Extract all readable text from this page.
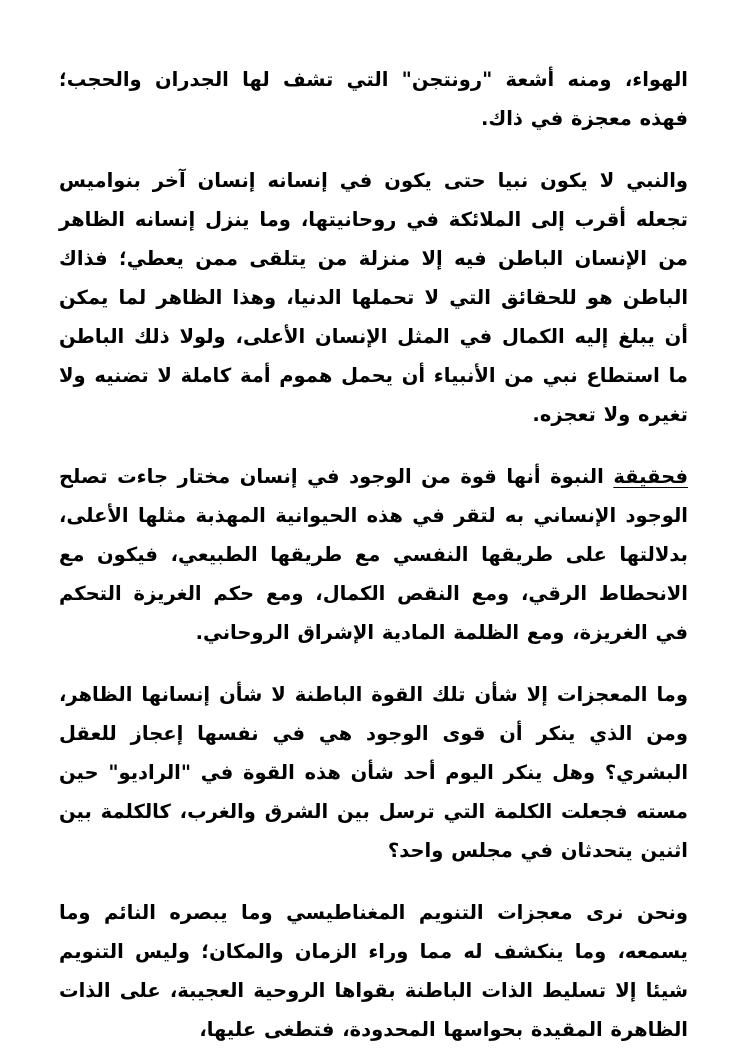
الهواء، ومنه أشعة "رونتجن" التي تشف لها الجدران والحجب؛ فهذه معجزة في ذاك.

والنبي لا يكون نبيا حتى يكون في إنسانه إنسان آخر بنواميس تجعله أقرب إلى الملائكة في روحانيتها، وما ينزل إنسانه الظاهر من الإنسان الباطن فيه إلا منزلة من يتلقى ممن يعطي؛ فذاك الباطن هو للحقائق التي لا تحملها الدنيا، وهذا الظاهر لما يمكن أن يبلغ إليه الكمال في المثل الإنسان الأعلى، ولولا ذلك الباطن ما استطاع نبي من الأنبياء أن يحمل هموم أمة كاملة لا تضنيه ولا تغيره ولا تعجزه.

فحقيقة النبوة أنها قوة من الوجود في إنسان مختار جاءت تصلح الوجود الإنساني به لتقر في هذه الحيوانية المهذبة مثلها الأعلى، بدلالتها على طريقها النفسي مع طريقها الطبيعي، فيكون مع الانحطاط الرقي، ومع النقص الكمال، ومع حكم الغريزة التحكم في الغريزة، ومع الظلمة المادية الإشراق الروحاني.

وما المعجزات إلا شأن تلك القوة الباطنة لا شأن إنسانها الظاهر، ومن الذي ينكر أن قوى الوجود هي في نفسها إعجاز للعقل البشري؟ وهل ينكر اليوم أحد شأن هذه القوة في "الراديو" حين مسته فجعلت الكلمة التي ترسل بين الشرق والغرب، كالكلمة بين اثنين يتحدثان في مجلس واحد؟

ونحن نرى معجزات التنويم المغناطيسي وما يبصره النائم وما يسمعه، وما ينكشف له مما وراء الزمان والمكان؛ وليس التنويم شيئا إلا تسليط الذات الباطنة بقواها الروحية العجيبة، على الذات الظاهرة المقيدة بحواسها المحدودة، فتطغى عليها،
